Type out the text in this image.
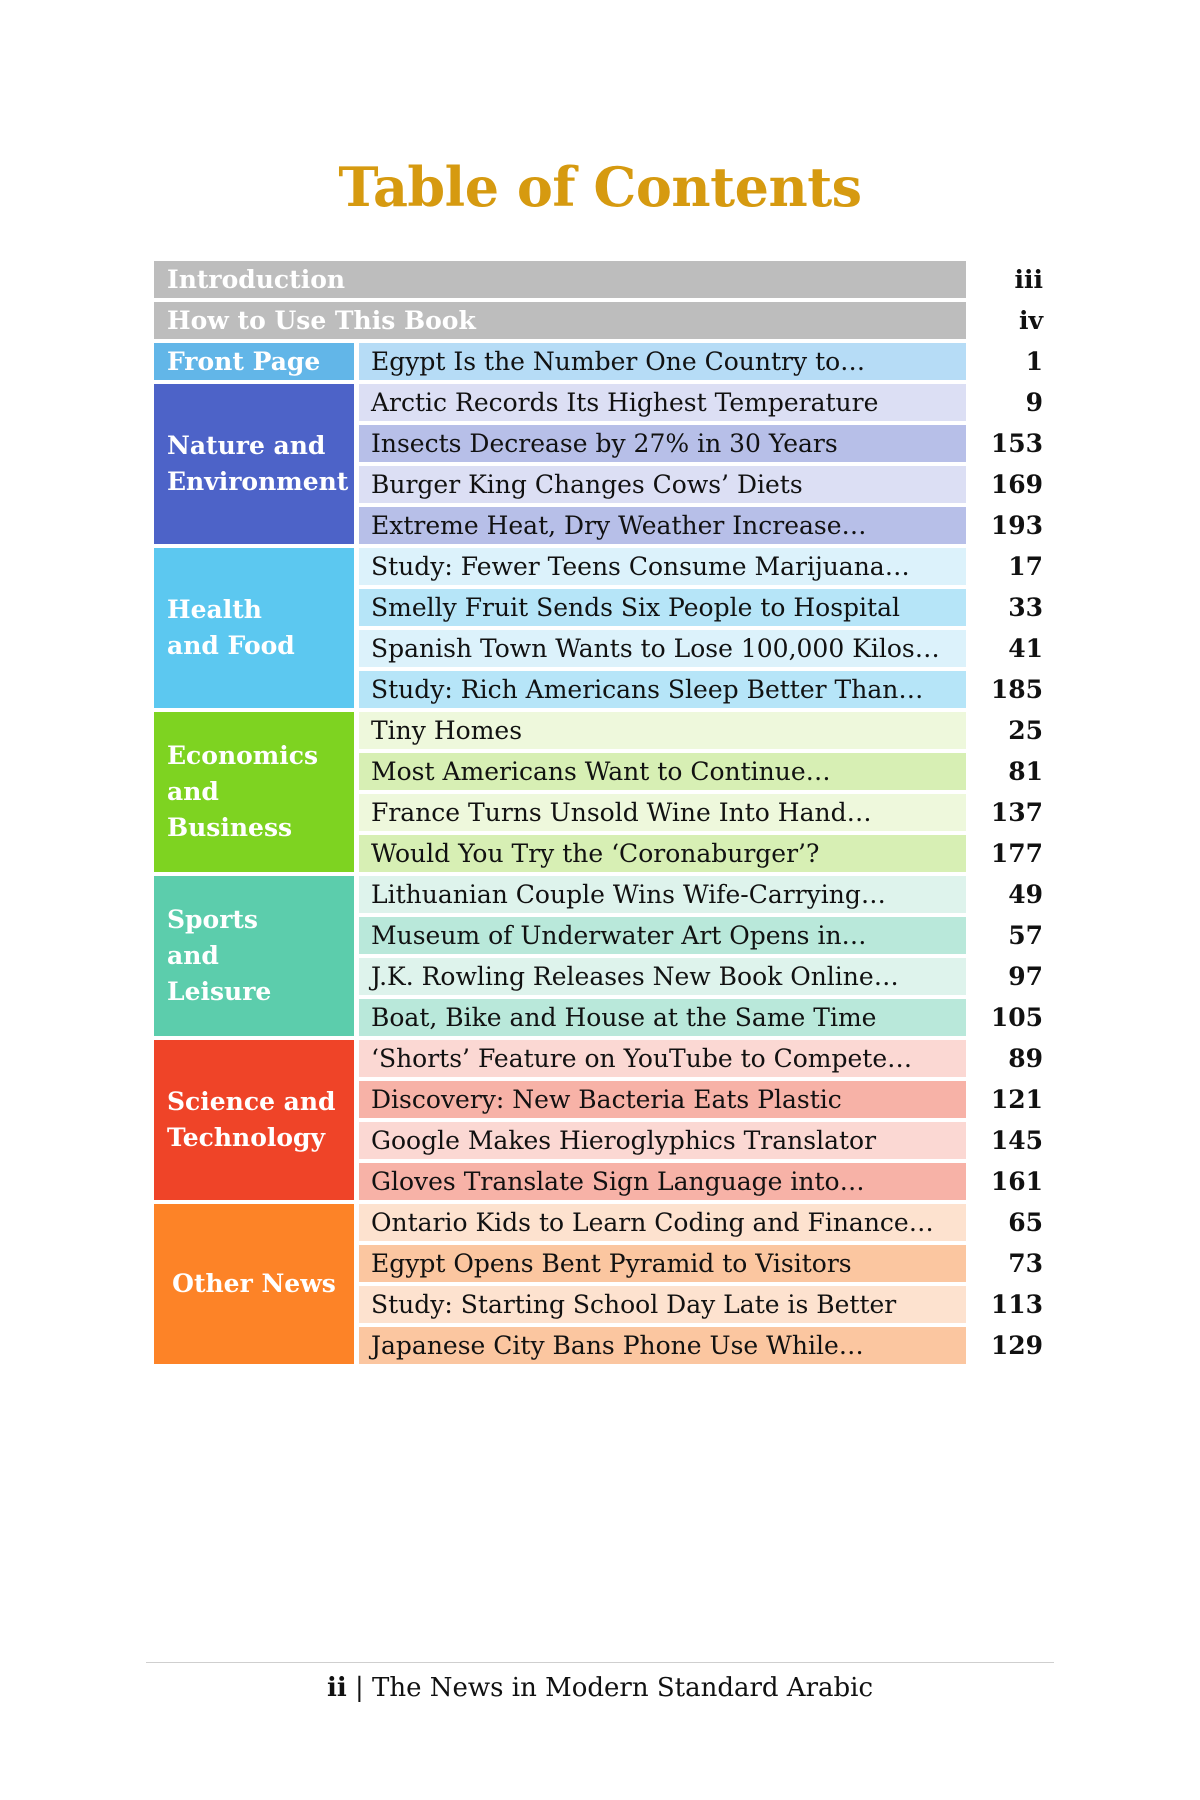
Table of Contents
Introduction	iii
How to Use This Book	iv
Front Page	Egypt Is the Number One Country to…	1
Nature and Environment
Arctic Records Its Highest Temperature	9
Insects Decrease by 27% in 30 Years	153
Burger King Changes Cows’ Diets	169
Extreme Heat, Dry Weather Increase…	193
Health and Food
Study: Fewer Teens Consume Marijuana…	17
Smelly Fruit Sends Six People to Hospital	33
Spanish Town Wants to Lose 100,000 Kilos…	41
Study: Rich Americans Sleep Better Than…	185
Economics and Business
Tiny Homes	25
Most Americans Want to Continue…	81
France Turns Unsold Wine Into Hand…	137
Would You Try the ‘Coronaburger’?	177
Sports and Leisure
Lithuanian Couple Wins Wife-Carrying…	49
Museum of Underwater Art Opens in…	57
J.K. Rowling Releases New Book Online…	97
Boat, Bike and House at the Same Time	105
Science and Technology
‘Shorts’ Feature on YouTube to Compete…	89
Discovery: New Bacteria Eats Plastic	121
Google Makes Hieroglyphics Translator	145
Gloves Translate Sign Language into…	161
Other News
Ontario Kids to Learn Coding and Finance…	65
Egypt Opens Bent Pyramid to Visitors	73
Study: Starting School Day Late is Better	113
Japanese City Bans Phone Use While…	129
ii | The News in Modern Standard Arabic
